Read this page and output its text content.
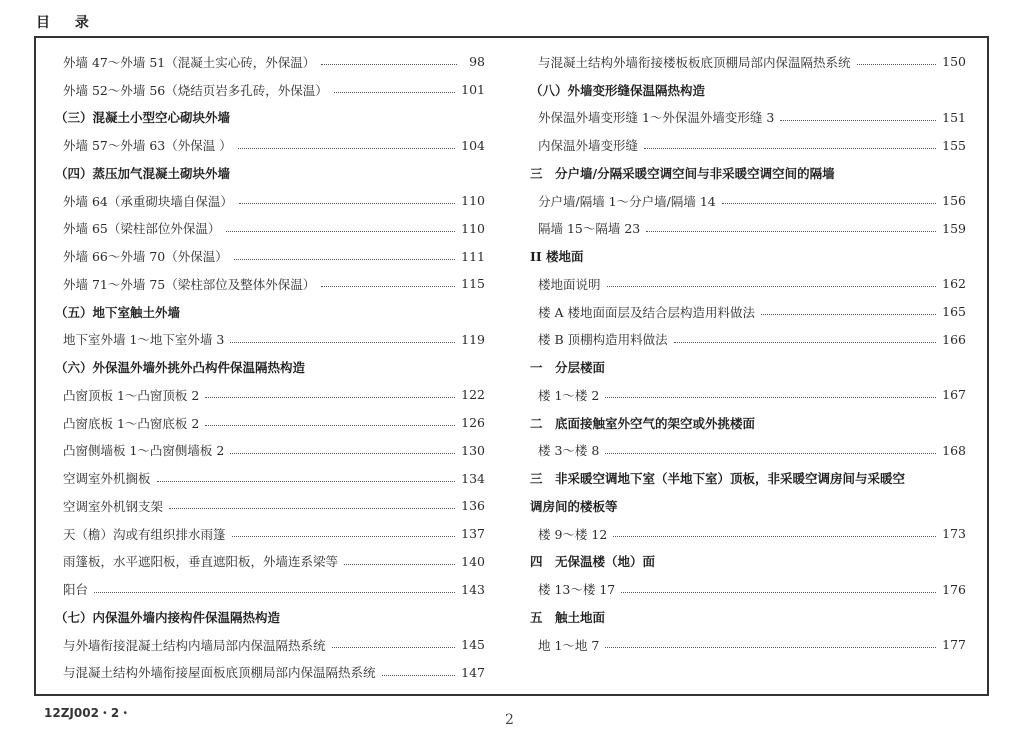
目 录
外墙 47～外墙 51（混凝土实心砖，外保温）	98
外墙 52～外墙 56（烧结页岩多孔砖，外保温）	101
（三）混凝土小型空心砌块外墙
外墙 57～外墙 63（外保温 ）	104
（四）蒸压加气混凝土砌块外墙
外墙 64（承重砌块墙自保温）	110
外墙 65（梁柱部位外保温）	110
外墙 66～外墙 70（外保温）	111
外墙 71～外墙 75（梁柱部位及整体外保温）	115
（五）地下室触土外墙
地下室外墙 1～地下室外墙 3	119
（六）外保温外墙外挑外凸构件保温隔热构造
凸窗顶板 1～凸窗顶板 2	122
凸窗底板 1～凸窗底板 2	126
凸窗侧墙板 1～凸窗侧墙板 2	130
空调室外机搁板	134
空调室外机钢支架	136
天（檐）沟或有组织排水雨篷	137
雨篷板，水平遮阳板，垂直遮阳板，外墙连系梁等	140
阳台	143
（七）内保温外墙内接构件保温隔热构造
与外墙衔接混凝土结构内墙局部内保温隔热系统	145
与混凝土结构外墙衔接屋面板底顶棚局部内保温隔热系统	147
与混凝土结构外墙衔接楼板板底顶棚局部内保温隔热系统	150
（八）外墙变形缝保温隔热构造
外保温外墙变形缝 1～外保温外墙变形缝 3	151
内保温外墙变形缝	155
三　分户墙/分隔采暖空调空间与非采暖空调空间的隔墙
分户墙/隔墙 1～分户墙/隔墙 14	156
隔墙 15～隔墙 23	159
II 楼地面
楼地面说明	162
楼 A 楼地面面层及结合层构造用料做法	165
楼 B 顶棚构造用料做法	166
一　分层楼面
楼 1～楼 2	167
二　底面接触室外空气的架空或外挑楼面
楼 3～楼 8	168
三　非采暖空调地下室（半地下室）顶板，非采暖空调房间与采暖空
调房间的楼板等
楼 9～楼 12	173
四　无保温楼（地）面
楼 13～楼 17	176
五　触土地面
地 1～地 7	177
12ZJ002・2・	2
